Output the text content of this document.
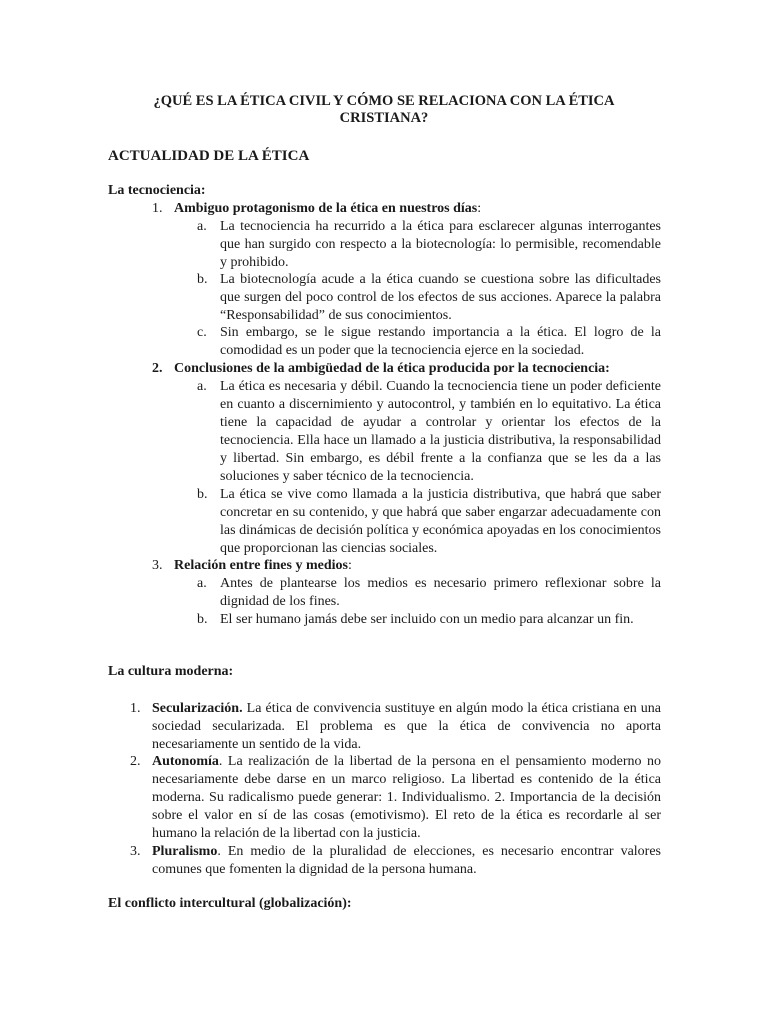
¿QUÉ ES LA ÉTICA CIVIL Y CÓMO SE RELACIONA CON LA ÉTICA CRISTIANA?
ACTUALIDAD DE LA ÉTICA
La tecnociencia:
1. Ambiguo protagonismo de la ética en nuestros días:
a. La tecnociencia ha recurrido a la ética para esclarecer algunas interrogantes que han surgido con respecto a la biotecnología: lo permisible, recomendable y prohibido.
b. La biotecnología acude a la ética cuando se cuestiona sobre las dificultades que surgen del poco control de los efectos de sus acciones. Aparece la palabra “Responsabilidad” de sus conocimientos.
c. Sin embargo, se le sigue restando importancia a la ética. El logro de la comodidad es un poder que la tecnociencia ejerce en la sociedad.
2. Conclusiones de la ambigüedad de la ética producida por la tecnociencia:
a. La ética es necesaria y débil. Cuando la tecnociencia tiene un poder deficiente en cuanto a discernimiento y autocontrol, y también en lo equitativo. La ética tiene la capacidad de ayudar a controlar y orientar los efectos de la tecnociencia. Ella hace un llamado a la justicia distributiva, la responsabilidad y libertad. Sin embargo, es débil frente a la confianza que se les da a las soluciones y saber técnico de la tecnociencia.
b. La ética se vive como llamada a la justicia distributiva, que habrá que saber concretar en su contenido, y que habrá que saber engarzar adecuadamente con las dinámicas de decisión política y económica apoyadas en los conocimientos que proporcionan las ciencias sociales.
3. Relación entre fines y medios:
a. Antes de plantearse los medios es necesario primero reflexionar sobre la dignidad de los fines.
b. El ser humano jamás debe ser incluido con un medio para alcanzar un fin.
La cultura moderna:
1. Secularización. La ética de convivencia sustituye en algún modo la ética cristiana en una sociedad secularizada. El problema es que la ética de convivencia no aporta necesariamente un sentido de la vida.
2. Autonomía. La realización de la libertad de la persona en el pensamiento moderno no necesariamente debe darse en un marco religioso. La libertad es contenido de la ética moderna. Su radicalismo puede generar: 1. Individualismo. 2. Importancia de la decisión sobre el valor en sí de las cosas (emotivismo). El reto de la ética es recordarle al ser humano la relación de la libertad con la justicia.
3. Pluralismo. En medio de la pluralidad de elecciones, es necesario encontrar valores comunes que fomenten la dignidad de la persona humana.
El conflicto intercultural (globalización):
